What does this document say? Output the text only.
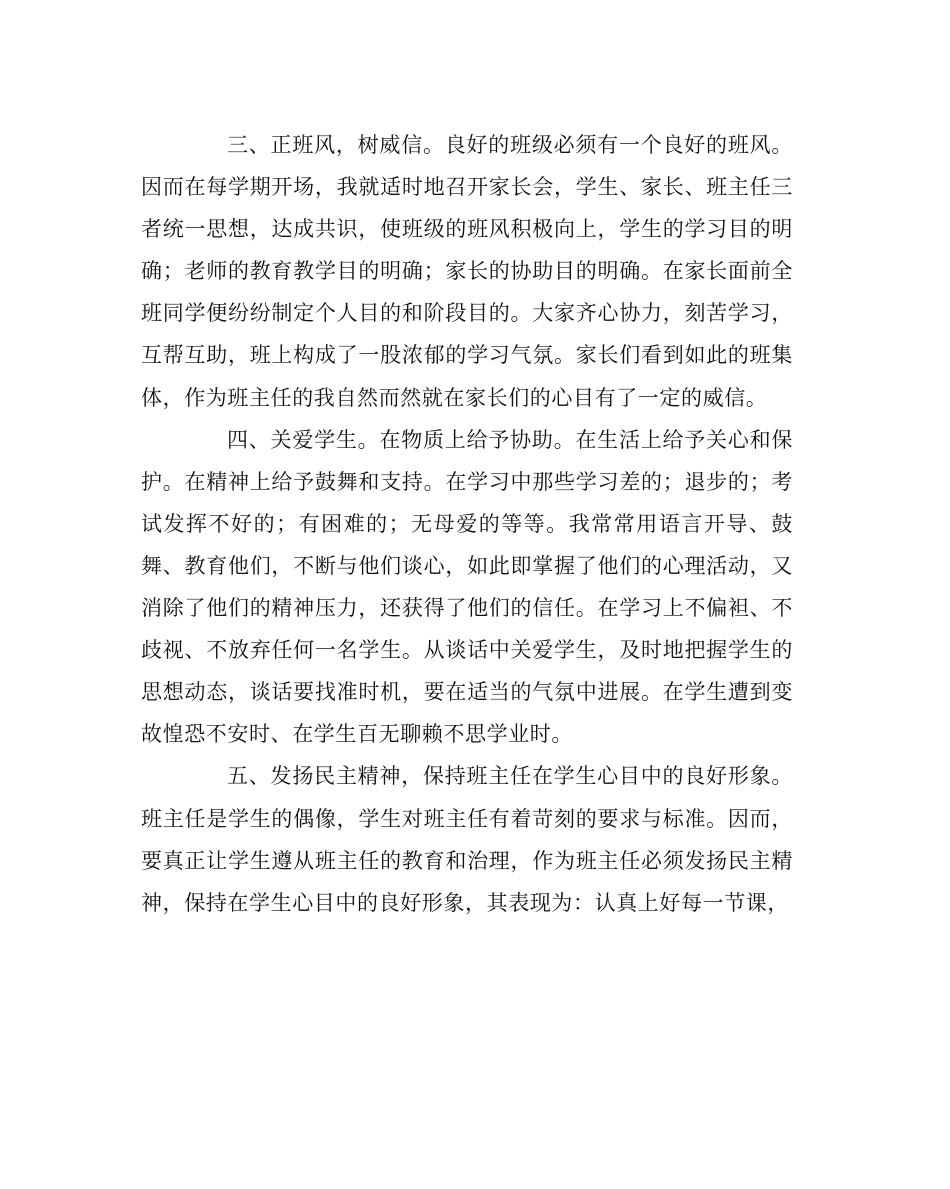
三、正班风，树威信。良好的班级必须有一个良好的班风。因而在每学期开场，我就适时地召开家长会，学生、家长、班主任三者统一思想，达成共识，使班级的班风积极向上，学生的学习目的明确；老师的教育教学目的明确；家长的协助目的明确。在家长面前全班同学便纷纷制定个人目的和阶段目的。大家齐心协力，刻苦学习，互帮互助，班上构成了一股浓郁的学习气氛。家长们看到如此的班集体，作为班主任的我自然而然就在家长们的心目有了一定的威信。

四、关爱学生。在物质上给予协助。在生活上给予关心和保护。在精神上给予鼓舞和支持。在学习中那些学习差的；退步的；考试发挥不好的；有困难的；无母爱的等等。我常常用语言开导、鼓舞、教育他们，不断与他们谈心，如此即掌握了他们的心理活动，又消除了他们的精神压力，还获得了他们的信任。在学习上不偏袒、不歧视、不放弃任何一名学生。从谈话中关爱学生，及时地把握学生的思想动态，谈话要找准时机，要在适当的气氛中进展。在学生遭到变故惶恐不安时、在学生百无聊赖不思学业时。

五、发扬民主精神，保持班主任在学生心目中的良好形象。班主任是学生的偶像，学生对班主任有着苛刻的要求与标准。因而，要真正让学生遵从班主任的教育和治理，作为班主任必须发扬民主精神，保持在学生心目中的良好形象，其表现为：认真上好每一节课，
